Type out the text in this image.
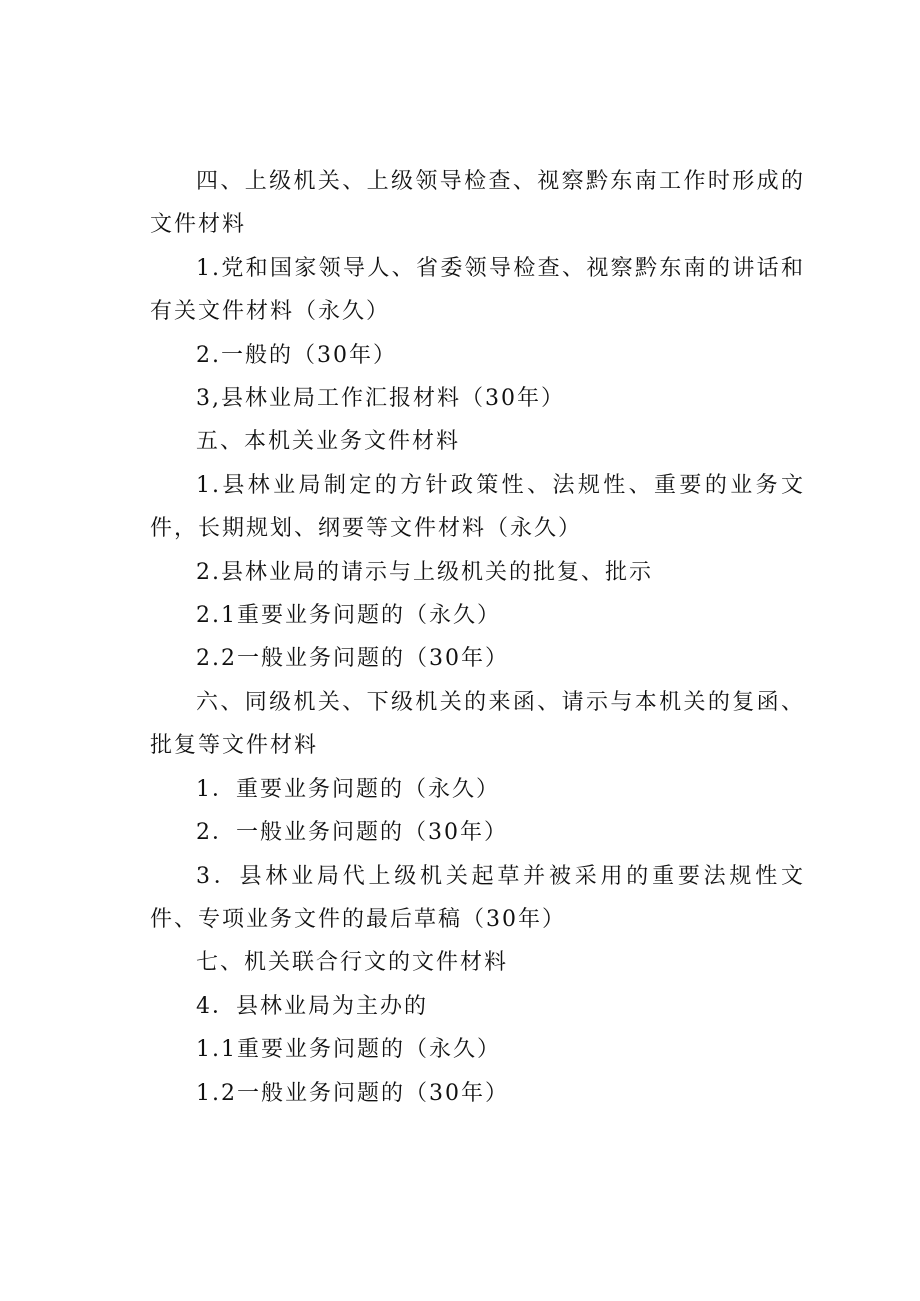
四、上级机关、上级领导检查、视察黔东南工作时形成的文件材料

1.党和国家领导人、省委领导检查、视察黔东南的讲话和有关文件材料（永久）

2.一般的（30年）

3,县林业局工作汇报材料（30年）

五、本机关业务文件材料

1.县林业局制定的方针政策性、法规性、重要的业务文件，长期规划、纲要等文件材料（永久）

2.县林业局的请示与上级机关的批复、批示

2.1重要业务问题的（永久）

2.2一般业务问题的（30年）

六、同级机关、下级机关的来函、请示与本机关的复函、批复等文件材料

1．重要业务问题的（永久）

2．一般业务问题的（30年）

3．县林业局代上级机关起草并被采用的重要法规性文件、专项业务文件的最后草稿（30年）

七、机关联合行文的文件材料

4．县林业局为主办的

1.1重要业务问题的（永久）

1.2一般业务问题的（30年）
